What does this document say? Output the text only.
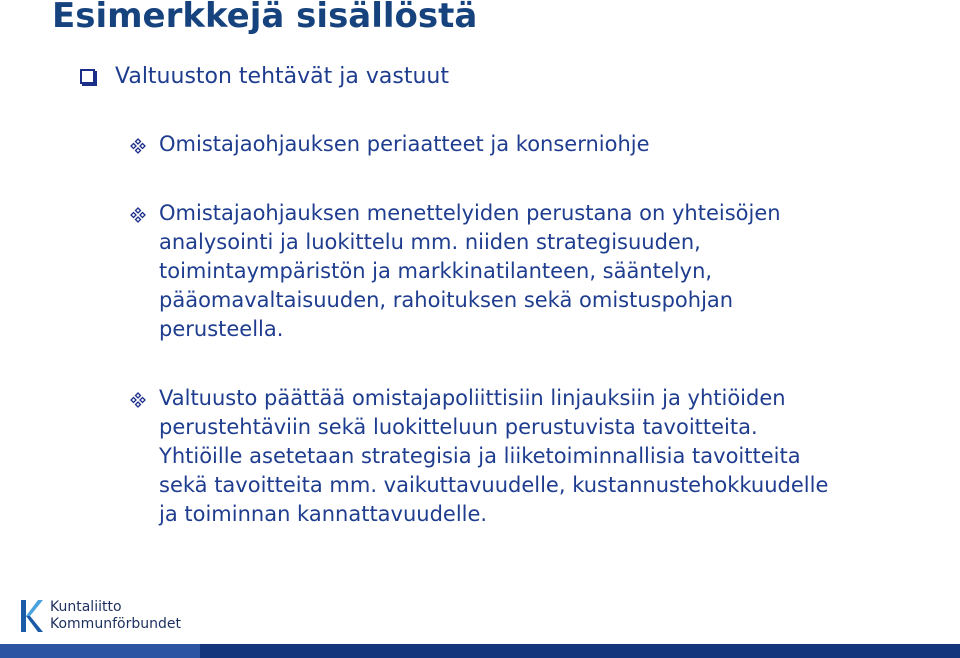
Esimerkkejä sisällöstä
Valtuuston tehtävät ja vastuut
Omistajaohjauksen periaatteet ja konserniohje
Omistajaohjauksen menettelyiden perustana on yhteisöjen
analysointi ja luokittelu mm. niiden strategisuuden,
toimintaympäristön ja markkinatilanteen, sääntelyn,
pääomavaltaisuuden, rahoituksen sekä omistuspohjan
perusteella.
Valtuusto päättää omistajapoliittisiin linjauksiin ja yhtiöiden
perustehtäviin sekä luokitteluun perustuvista tavoitteita.
Yhtiöille asetetaan strategisia ja liiketoiminnallisia tavoitteita
sekä tavoitteita mm. vaikuttavuudelle, kustannustehokkuudelle
ja toiminnan kannattavuudelle.
Kuntaliitto
Kommunförbundet
